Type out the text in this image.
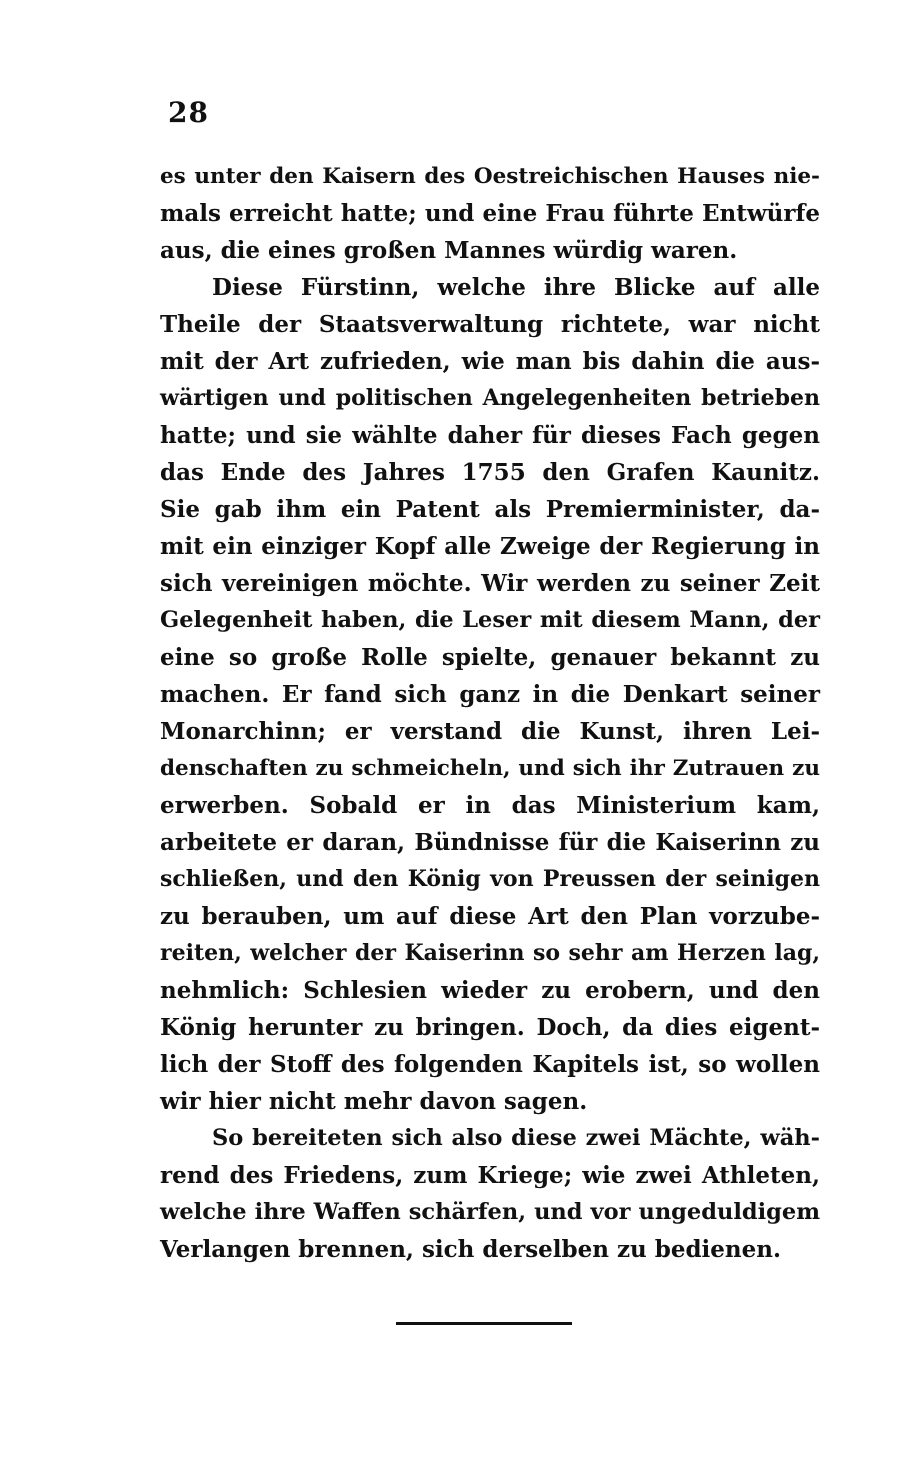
28
es unter den Kaisern des Oestreichischen Hauses nie-
mals erreicht hatte; und eine Frau führte Entwürfe
aus, die eines großen Mannes würdig waren.
Diese Fürstinn, welche ihre Blicke auf alle
Theile der Staatsverwaltung richtete, war nicht
mit der Art zufrieden, wie man bis dahin die aus-
wärtigen und politischen Angelegenheiten betrieben
hatte; und sie wählte daher für dieses Fach gegen
das Ende des Jahres 1755 den Grafen Kaunitz.
Sie gab ihm ein Patent als Premierminister, da-
mit ein einziger Kopf alle Zweige der Regierung in
sich vereinigen möchte. Wir werden zu seiner Zeit
Gelegenheit haben, die Leser mit diesem Mann, der
eine so große Rolle spielte, genauer bekannt zu
machen. Er fand sich ganz in die Denkart seiner
Monarchinn; er verstand die Kunst, ihren Lei-
denschaften zu schmeicheln, und sich ihr Zutrauen zu
erwerben. Sobald er in das Ministerium kam,
arbeitete er daran, Bündnisse für die Kaiserinn zu
schließen, und den König von Preussen der seinigen
zu berauben, um auf diese Art den Plan vorzube-
reiten, welcher der Kaiserinn so sehr am Herzen lag,
nehmlich: Schlesien wieder zu erobern, und den
König herunter zu bringen. Doch, da dies eigent-
lich der Stoff des folgenden Kapitels ist, so wollen
wir hier nicht mehr davon sagen.
So bereiteten sich also diese zwei Mächte, wäh-
rend des Friedens, zum Kriege; wie zwei Athleten,
welche ihre Waffen schärfen, und vor ungeduldigem
Verlangen brennen, sich derselben zu bedienen.
